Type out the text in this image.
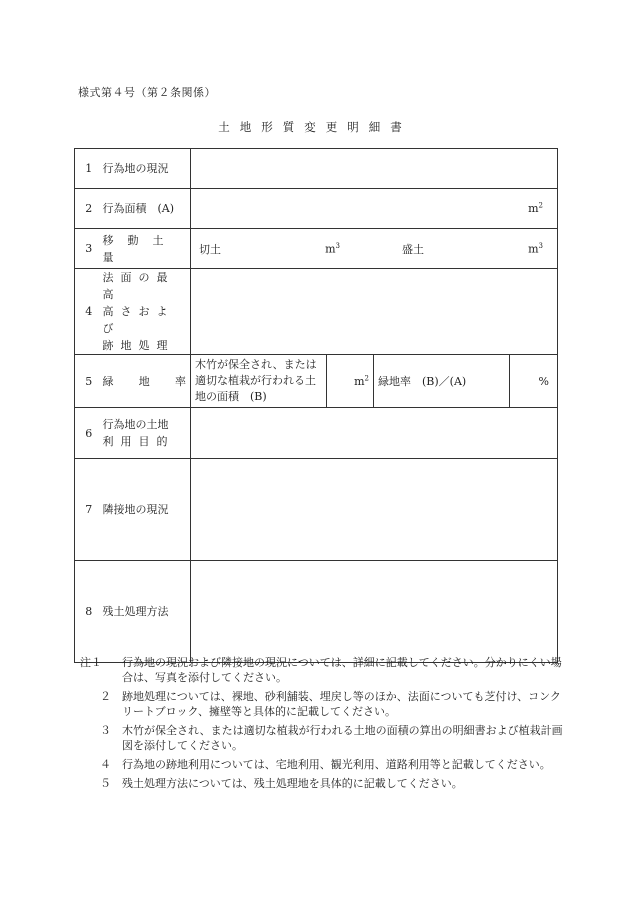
様式第４号（第２条関係）
土地形質変更明細書
1	行為地の現況				
2	行為面積　(A)	$m^2$
3	移動土量	切土 $m^3$ 盛土 $m^3$

4	法面の最高
高さおよび
跡地処理				

5	緑 地 率	木竹が保全され、または適切な植栽が行われる土地の面積　(B)	$m^2$	緑地率　(B)／(A)	%
6	行為地の土地
利用目的				

7	隣接地の現況				
8	残土処理方法				
注１	行為地の現況および隣接地の現況については、詳細に記載してください。分かりにくい場合は、写真を添付してください。
２	跡地処理については、裸地、砂利舗装、埋戻し等のほか、法面についても芝付け、コンクリートブロック、擁壁等と具体的に記載してください。
３	木竹が保全され、または適切な植栽が行われる土地の面積の算出の明細書および植栽計画図を添付してください。
４	行為地の跡地利用については、宅地利用、観光利用、道路利用等と記載してください。
５	残土処理方法については、残土処理地を具体的に記載してください。
